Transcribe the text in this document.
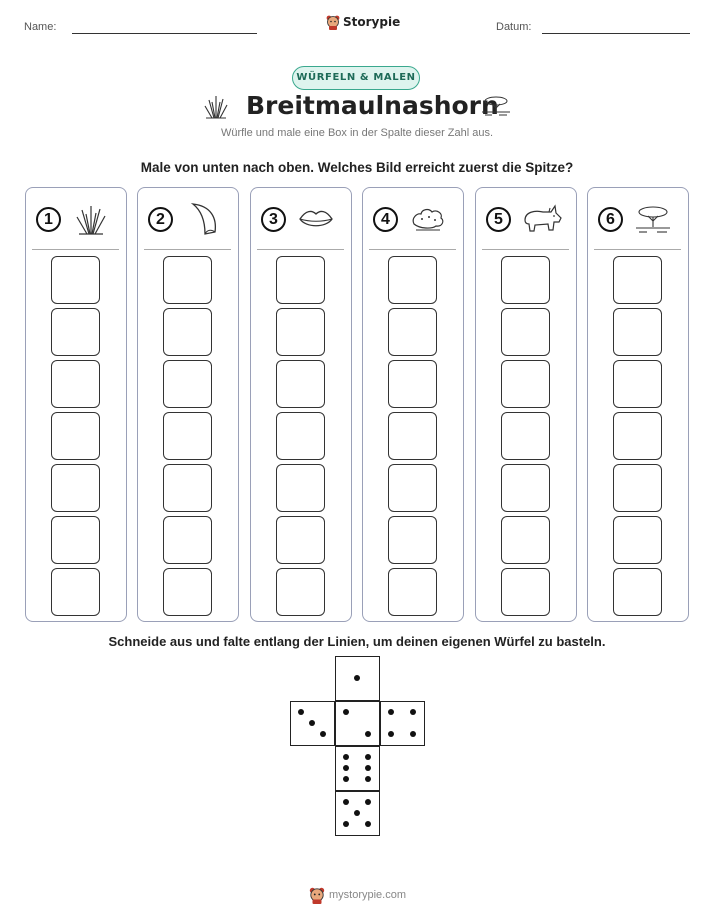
Name:	Storypie	Datum:
WÜRFELN & MALEN
Breitmaulnashorn
Würfle und male eine Box in der Spalte dieser Zahl aus.
Male von unten nach oben. Welches Bild erreicht zuerst die Spitze?
1	2	3	4	5	6
Schneide aus und falte entlang der Linien, um deinen eigenen Würfel zu basteln.
mystorypie.com
